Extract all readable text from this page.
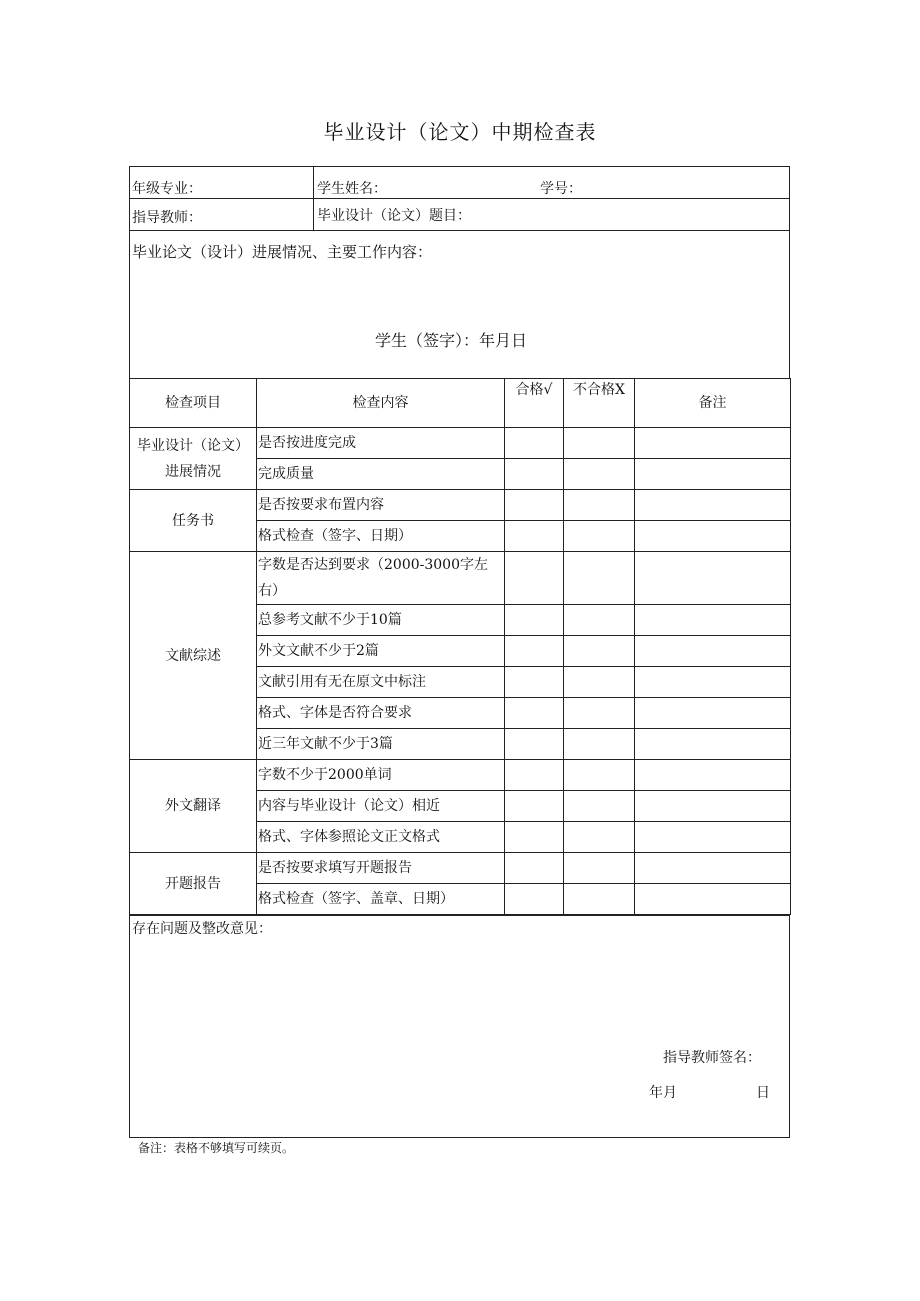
毕业设计（论文）中期检查表
年级专业：	学生姓名：	学号：
指导教师：	毕业设计（论文）题目：
毕业论文（设计）进展情况、主要工作内容：
学生（签字）：年月日
检查项目	检查内容	合格√	不合格X	备注
毕业设计（论文）进展情况	是否按进度完成			
	完成质量			
任务书	是否按要求布置内容			
	格式检查（签字、日期）			
文献综述	字数是否达到要求（2000-3000字左右）			
	总参考文献不少于10篇			
	外文文献不少于2篇			
	文献引用有无在原文中标注			
	格式、字体是否符合要求			
	近三年文献不少于3篇			
外文翻译	字数不少于2000单词			
	内容与毕业设计（论文）相近			
	格式、字体参照论文正文格式			
开题报告	是否按要求填写开题报告			
	格式检查（签字、盖章、日期）			
存在问题及整改意见：
指导教师签名：
年月	日
备注：表格不够填写可续页。
